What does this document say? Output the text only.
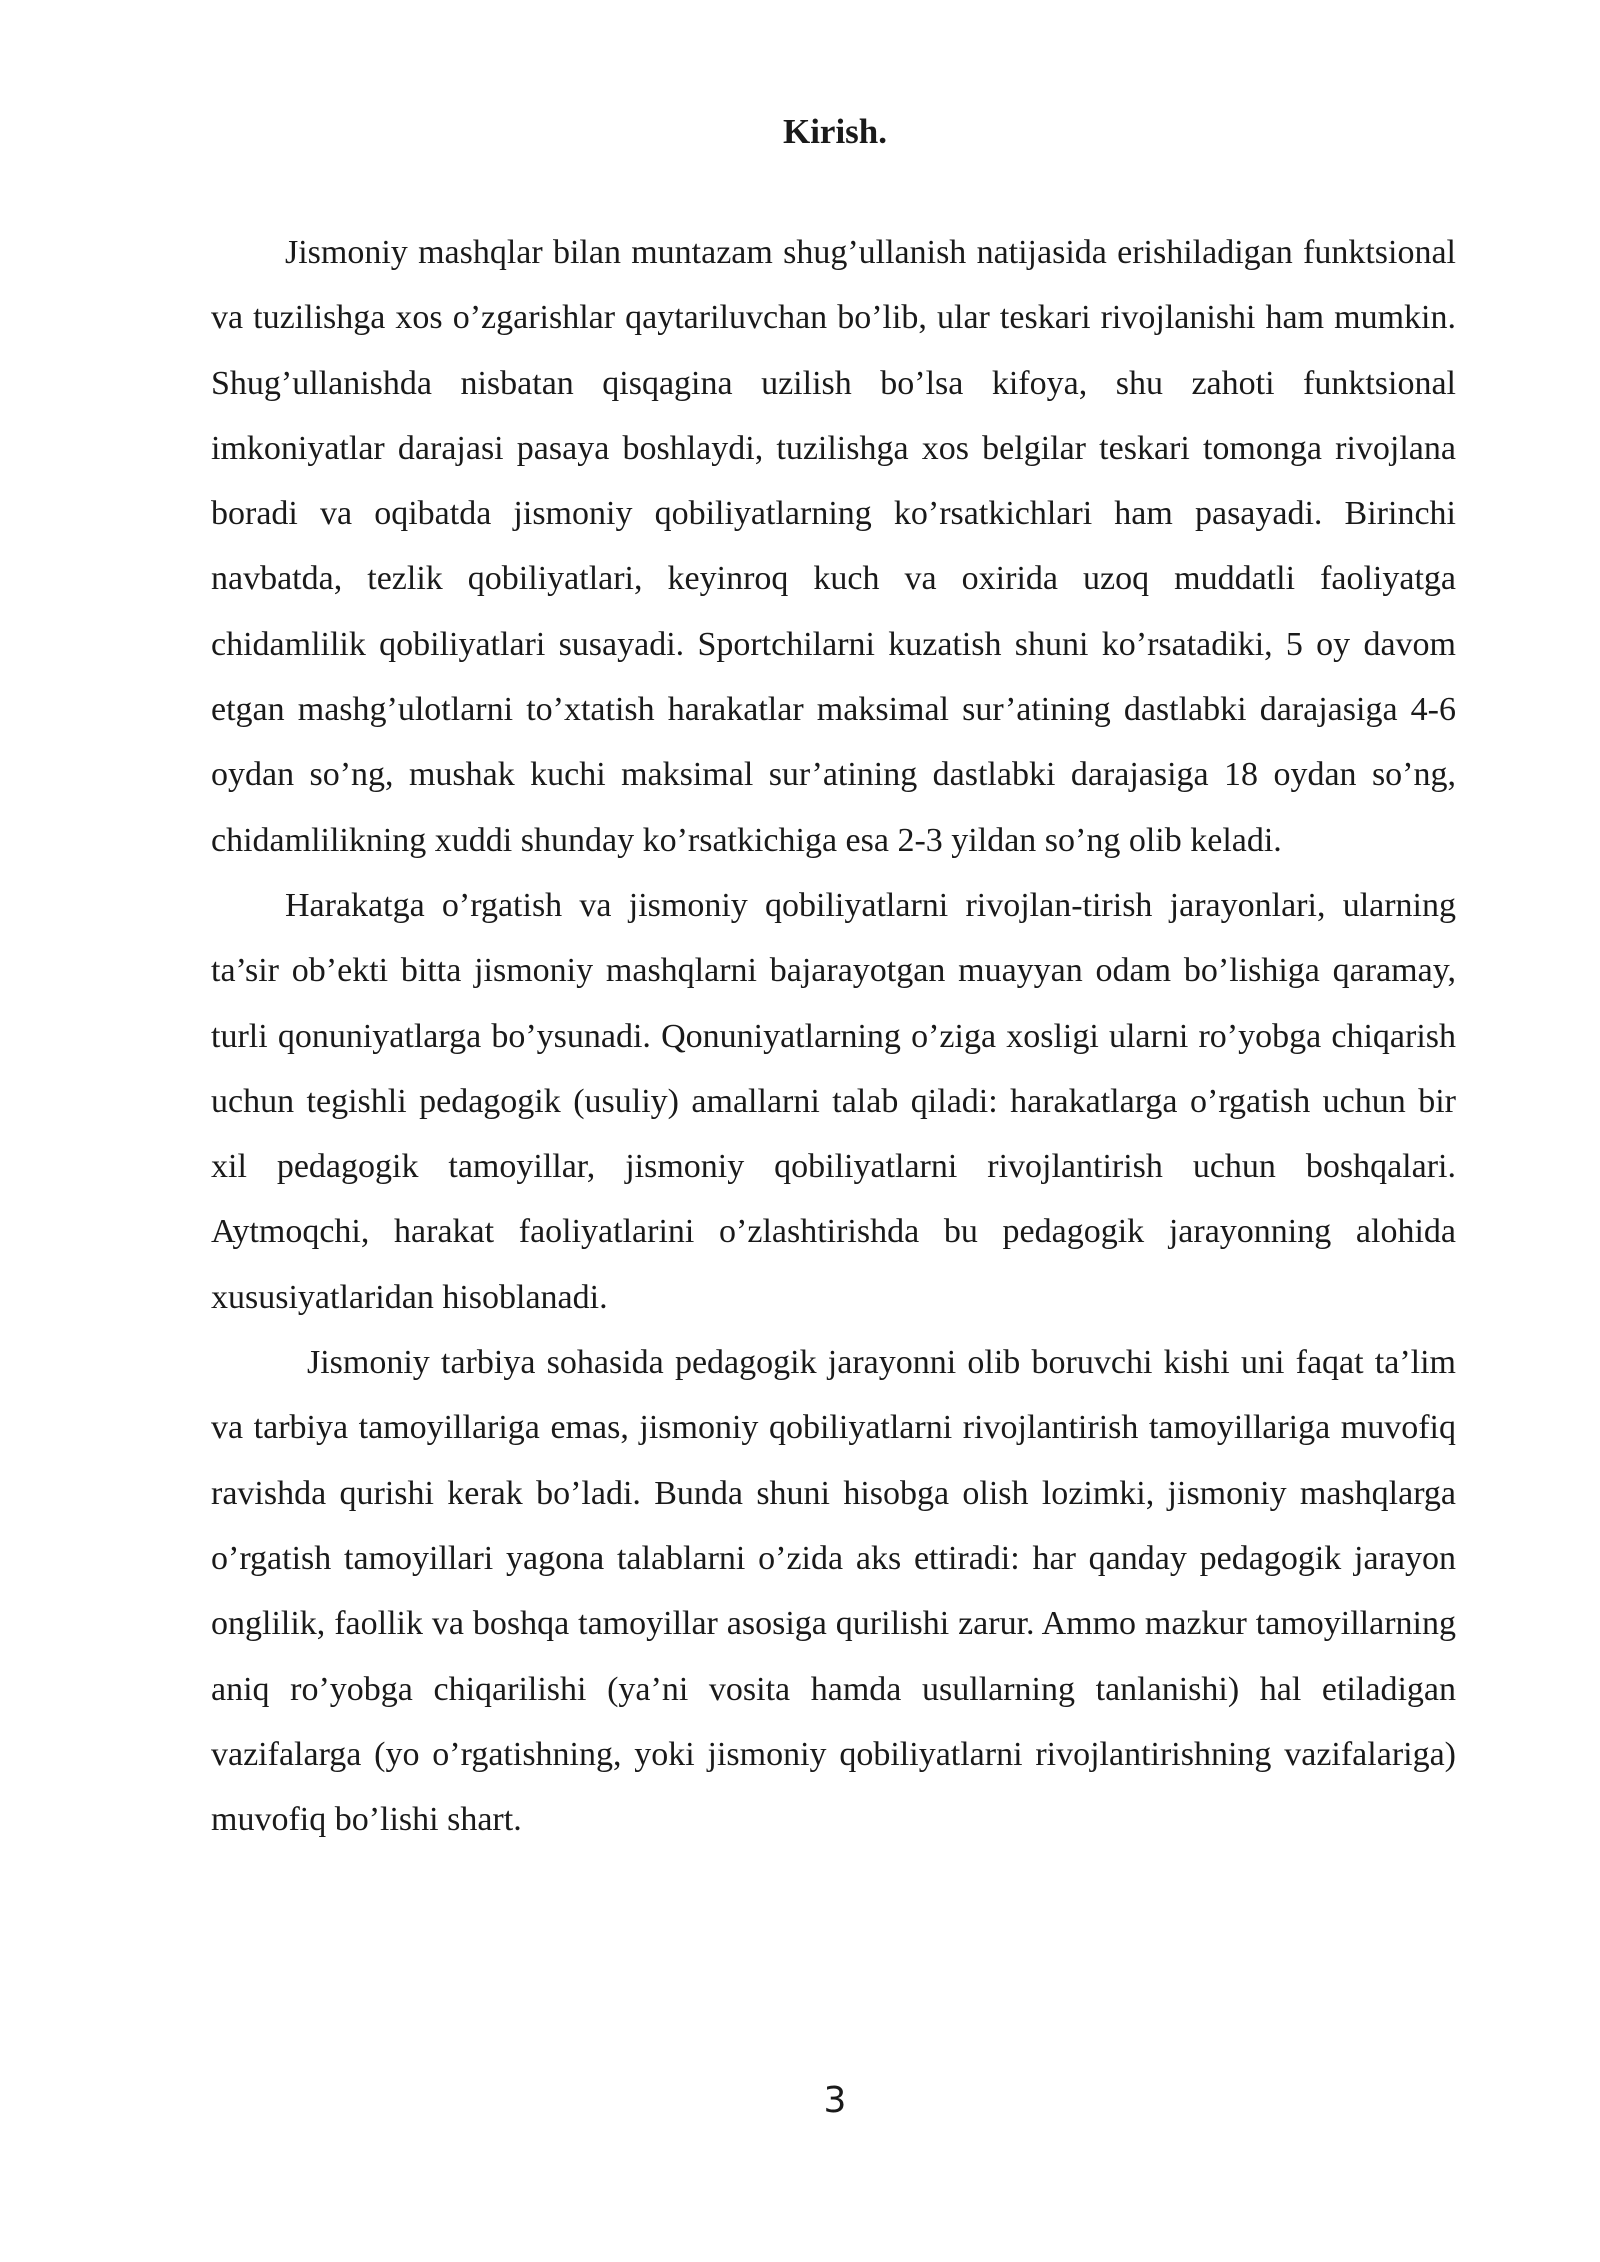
Kirish.

Jismoniy mashqlar bilan muntazam shug’ullanish natijasida erishiladigan funktsional va tuzilishga xos o’zgarishlar qaytariluvchan bo’lib, ular teskari rivojlanishi ham mumkin. Shug’ullanishda nisbatan qisqagina uzilish bo’lsa kifoya, shu zahoti funktsional imkoniyatlar darajasi pasaya boshlaydi, tuzilishga xos belgilar teskari tomonga rivojlana boradi va oqibatda jismoniy qobiliyatlarning ko’rsatkichlari ham pasayadi. Birinchi navbatda, tezlik qobiliyatlari, keyinroq kuch va oxirida uzoq muddatli faoliyatga chidamlilik qobiliyatlari susayadi. Sportchilarni kuzatish shuni ko’rsatadiki, 5 oy davom etgan mashg’ulotlarni to’xtatish harakatlar maksimal sur’atining dastlabki darajasiga 4-6 oydan so’ng, mushak kuchi maksimal sur’atining dastlabki darajasiga 18 oydan so’ng, chidamlilikning xuddi shunday ko’rsatkichiga esa 2-3 yildan so’ng olib keladi.

Harakatga o’rgatish va jismoniy qobiliyatlarni rivojlan-tirish jarayonlari, ularning ta’sir ob’ekti bitta jismoniy mashqlarni bajarayotgan muayyan odam bo’lishiga qaramay, turli qonuniyatlarga bo’ysunadi. Qonuniyatlarning o’ziga xosligi ularni ro’yobga chiqarish uchun tegishli pedagogik (usuliy) amallarni talab qiladi: harakatlarga o’rgatish uchun bir xil pedagogik tamoyillar, jismoniy qobiliyatlarni rivojlantirish uchun boshqalari. Aytmoqchi, harakat faoliyatlarini o’zlashtirishda bu pedagogik jarayonning alohida xususiyatlaridan hisoblanadi.

Jismoniy tarbiya sohasida pedagogik jarayonni olib boruvchi kishi uni faqat ta’lim va tarbiya tamoyillariga emas, jismoniy qobiliyatlarni rivojlantirish tamoyillariga muvofiq ravishda qurishi kerak bo’ladi. Bunda shuni hisobga olish lozimki, jismoniy mashqlarga o’rgatish tamoyillari yagona talablarni o’zida aks ettiradi: har qanday pedagogik jarayon onglilik, faollik va boshqa tamoyillar asosiga qurilishi zarur. Ammo mazkur tamoyillarning aniq ro’yobga chiqarilishi (ya’ni vosita hamda usullarning tanlanishi) hal etiladigan vazifalarga (yo o’rgatishning, yoki jismoniy qobiliyatlarni rivojlantirishning vazifalariga) muvofiq bo’lishi shart.

3
